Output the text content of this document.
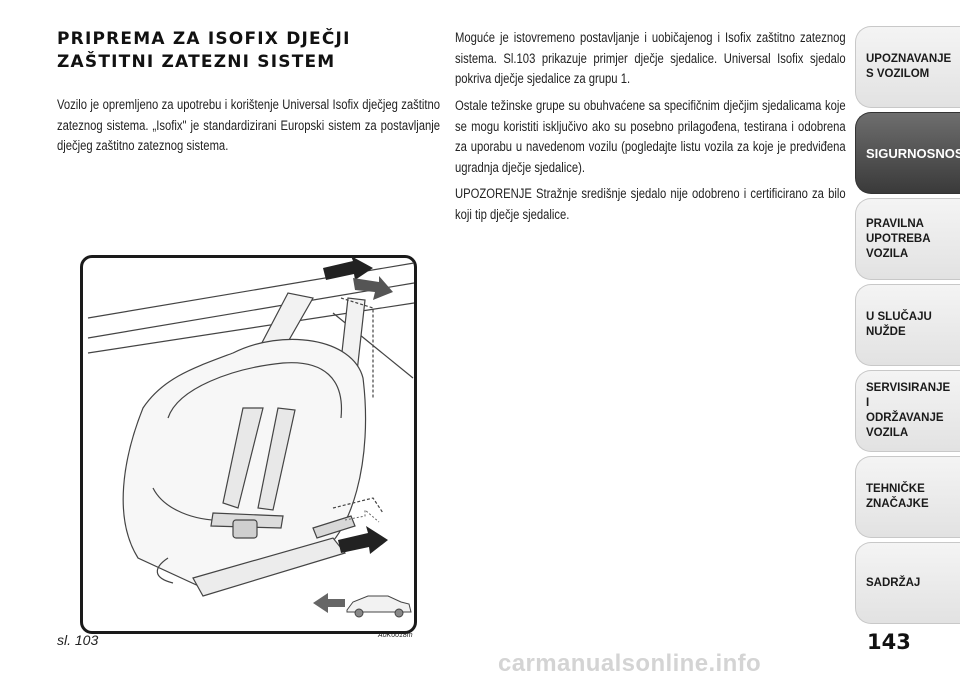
PRIPREMA ZA ISOFIX DJEČJI ZAŠTITNI ZATEZNI SISTEM

Vozilo je opremljeno za upotrebu i korištenje Universal Isofix dječjeg zaštitno zateznog sistema. „Isofix" je standardizirani Europski sistem za postavljanje dječjeg zaštitno zateznog sistema.

Moguće je istovremeno postavljanje i uobičajenog i Isofix zaštitno zateznog sistema. Sl.103 prikazuje primjer dječje sjedalice. Universal Isofix sjedalo pokriva dječje sjedalice za grupu 1.

Ostale težinske grupe su obuhvaćene sa specifičnim dječjim sjedalicama koje se mogu koristiti isključivo ako su posebno prilagođena, testirana i odobrena za uporabu u navedenom vozilu (pogledajte listu vozila za koje je predviđena ugradnja dječje sjedalice).

UPOZORENJE Stražnje središnje sjedalo nije odobreno i certificirano za bilo koji tip dječje sjedalice.

sl. 103	A0K0018m

UPOZNAVANJE
S VOZILOM
SIGURNOSNOST
PRAVILNA
UPOTREBA
VOZILA
U SLUČAJU
NUŽDE
SERVISIRANJE I
ODRŽAVANJE
VOZILA
TEHNIČKE
ZNAČAJKE
SADRŽAJ

143

carmanualsonline.info
